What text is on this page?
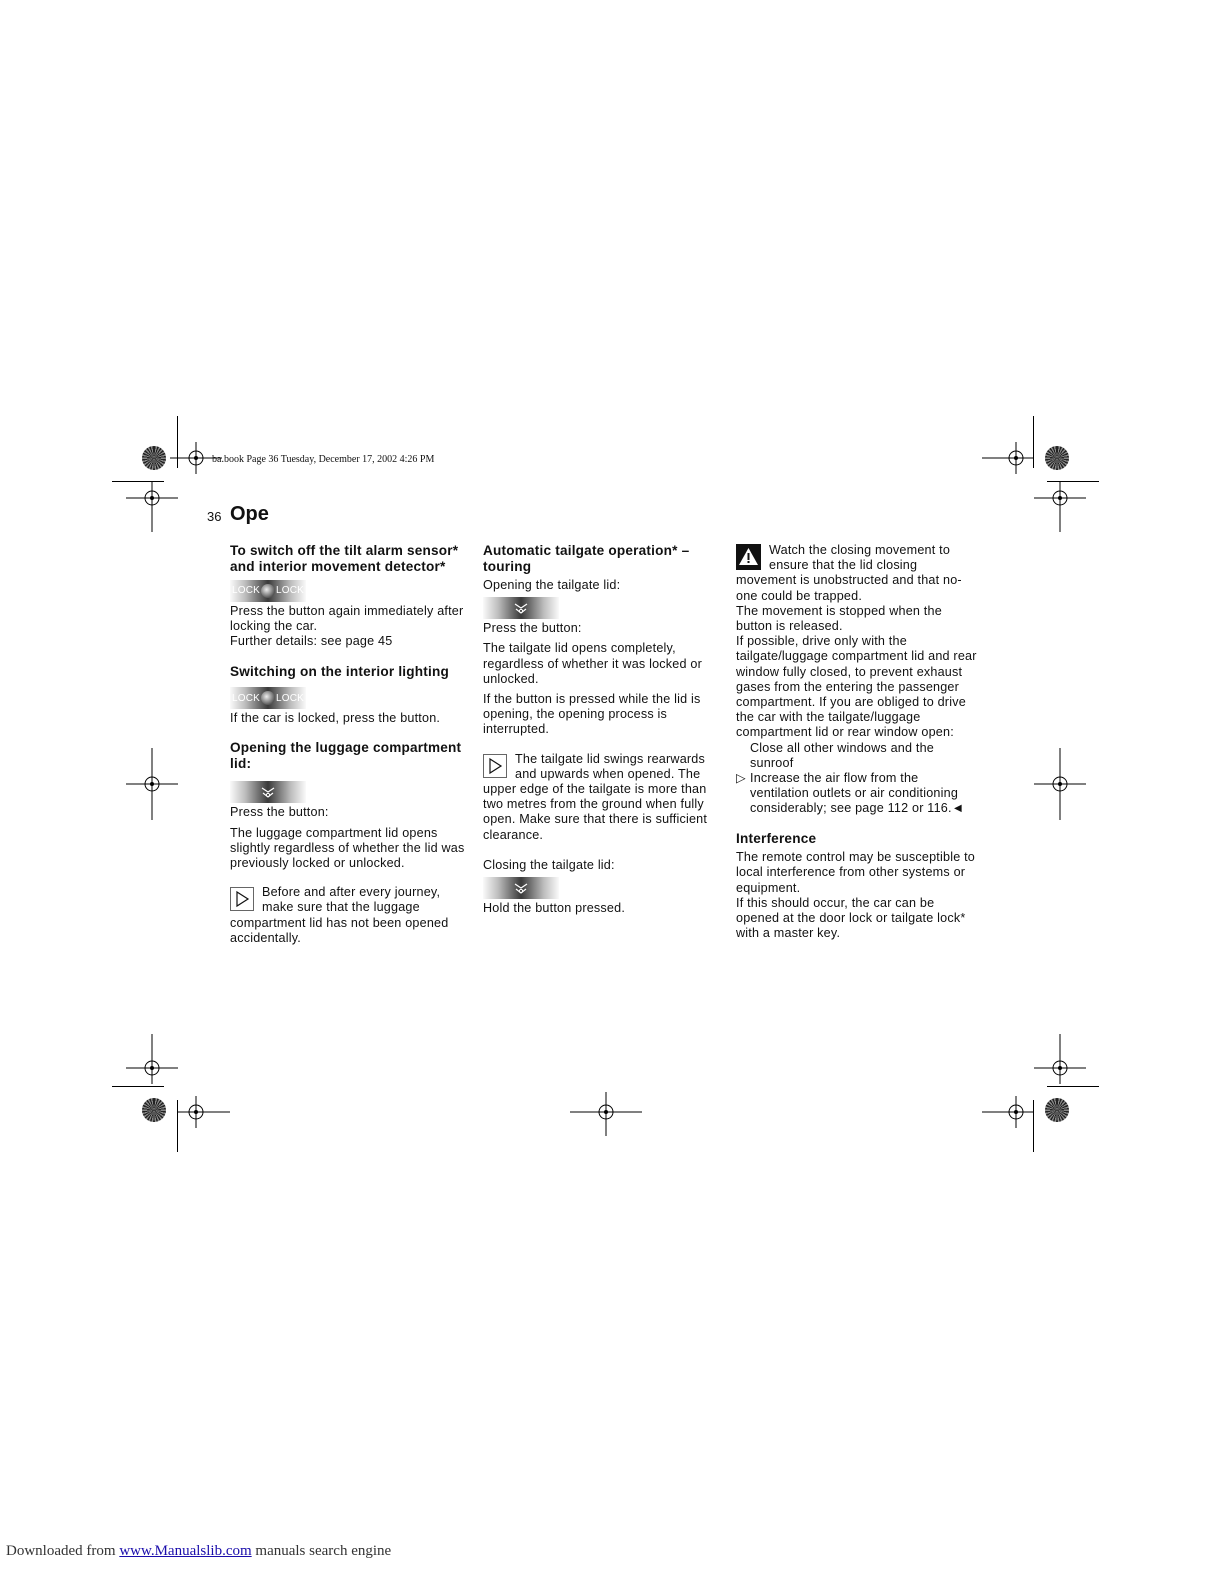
ba.book Page 36 Tuesday, December 17, 2002 4:26 PM
36 Ope
To switch off the tilt alarm sensor* and interior movement detector*
LOCK LOCK

Press the button again immediately after locking the car.

Further details: see page 45

Switching on the interior lighting
LOCK LOCK

If the car is locked, press the button.

Opening the luggage compartment lid:

Press the button:

The luggage compartment lid opens slightly regardless of whether the lid was previously locked or unlocked.

Before and after every journey, make sure that the luggage compartment lid has not been opened accidentally.
Automatic tailgate operation* – touring

Opening the tailgate lid:

Press the button:

The tailgate lid opens completely, regardless of whether it was locked or unlocked.

If the button is pressed while the lid is opening, the opening process is interrupted.

The tailgate lid swings rearwards and upwards when opened. The upper edge of the tailgate is more than two metres from the ground when fully open. Make sure that there is sufficient clearance.

Closing the tailgate lid:

Hold the button pressed.

Watch the closing movement to ensure that the lid closing movement is unobstructed and that no-one could be trapped.

The movement is stopped when the button is released.

If possible, drive only with the tailgate/luggage compartment lid and rear window fully closed, to prevent exhaust gases from the entering the passenger compartment. If you are obliged to drive the car with the tailgate/luggage compartment lid or rear window open:

Close all other windows and the sunroof

▷ Increase the air flow from the ventilation outlets or air conditioning considerably; see page 112 or 116.◄

Interference

The remote control may be susceptible to local interference from other systems or equipment.

If this should occur, the car can be opened at the door lock or tailgate lock* with a master key.

Downloaded from www.Manualslib.com manuals search engine
